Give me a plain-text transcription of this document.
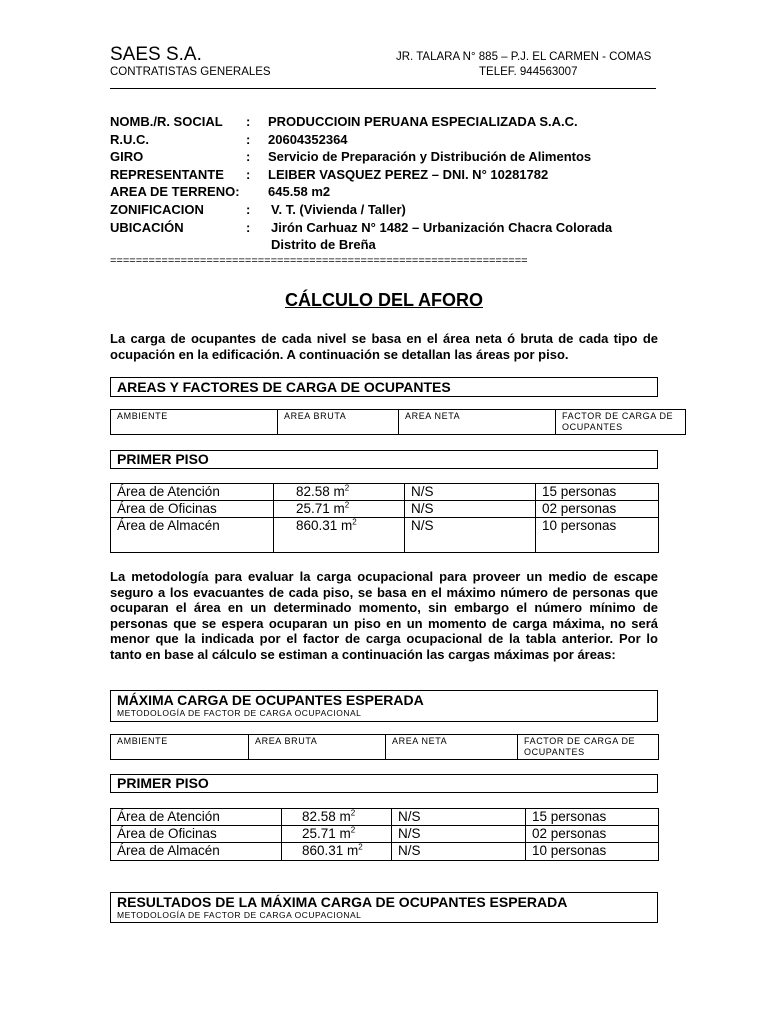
SAES S.A.
CONTRATISTAS GENERALES
JR. TALARA N° 885 – P.J. EL CARMEN - COMAS
TELEF. 944563007
NOMB./R. SOCIAL : PRODUCCIOIN PERUANA ESPECIALIZADA S.A.C.
R.U.C.	: 20604352364
GIRO	: Servicio de Preparación y Distribución de Alimentos
REPRESENTANTE : LEIBER VASQUEZ PEREZ – DNI. N° 10281782
AREA DE TERRENO: 645.58 m2
ZONIFICACION	: V. T. (Vivienda / Taller)
UBICACIÓN	: Jirón Carhuaz N° 1482 – Urbanización Chacra Colorada
Distrito de Breña
=================================================================
CÁLCULO DEL AFORO
La carga de ocupantes de cada nivel se basa en el área neta ó bruta de cada tipo de ocupación en la edificación. A continuación se detallan las áreas por piso.
AREAS Y FACTORES DE CARGA DE OCUPANTES
AMBIENTE	AREA BRUTA	AREA NETA	FACTOR DE CARGA DE OCUPANTES
PRIMER PISO
Área de Atención	82.58 $m^2$	N/S	15 personas
Área de Oficinas	25.71 $m^2$	N/S	02 personas
Área de Almacén	860.31 $m^2$	N/S	10 personas
La metodología para evaluar la carga ocupacional para proveer un medio de escape seguro a los evacuantes de cada piso, se basa en el máximo número de personas que ocuparan el área en un determinado momento, sin embargo el número mínimo de personas que se espera ocuparan un piso en un momento de carga máxima, no será menor que la indicada por el factor de carga ocupacional de la tabla anterior. Por lo tanto en base al cálculo se estiman a continuación las cargas máximas por áreas:
MÁXIMA CARGA DE OCUPANTES ESPERADA
METODOLOGÍA DE FACTOR DE CARGA OCUPACIONAL
AMBIENTE	AREA BRUTA	AREA NETA	FACTOR DE CARGA DE OCUPANTES
PRIMER PISO
Área de Atención	82.58 $m^2$	N/S	15 personas
Área de Oficinas	25.71 $m^2$	N/S	02 personas
Área de Almacén	860.31 $m^2$	N/S	10 personas
RESULTADOS DE LA MÁXIMA CARGA DE OCUPANTES ESPERADA
METODOLOGÍA DE FACTOR DE CARGA OCUPACIONAL
